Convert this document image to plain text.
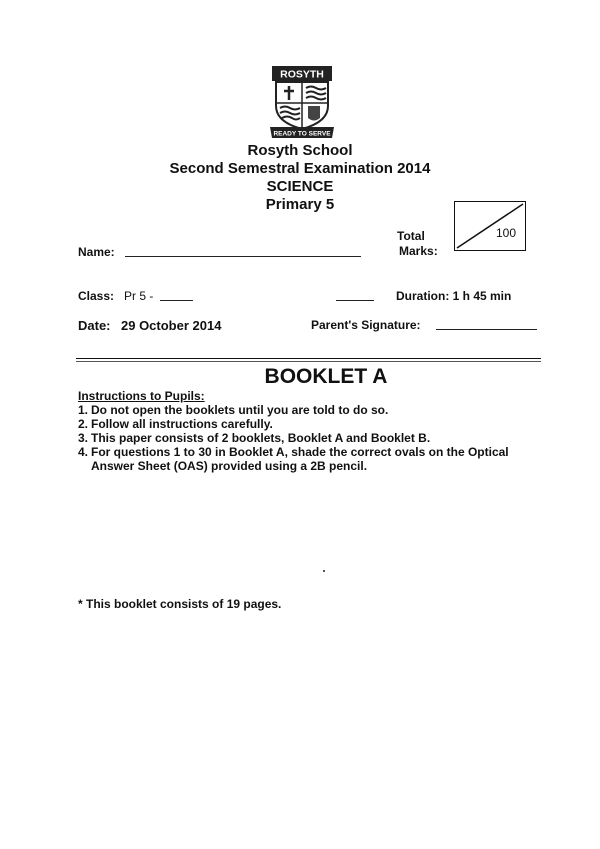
ROSYTH
READY TO SERVE
Rosyth School
Second Semestral Examination 2014
SCIENCE
Primary 5
Total
Marks:
100
Name:
Class: Pr 5 -	Duration: 1 h 45 min
Date: 29 October 2014	Parent's Signature:
BOOKLET A
Instructions to Pupils:
1. Do not open the booklets until you are told to do so.
2. Follow all instructions carefully.
3. This paper consists of 2 booklets, Booklet A and Booklet B.
4. For questions 1 to 30 in Booklet A, shade the correct ovals on the Optical Answer Sheet (OAS) provided using a 2B pencil.
* This booklet consists of 19 pages.
